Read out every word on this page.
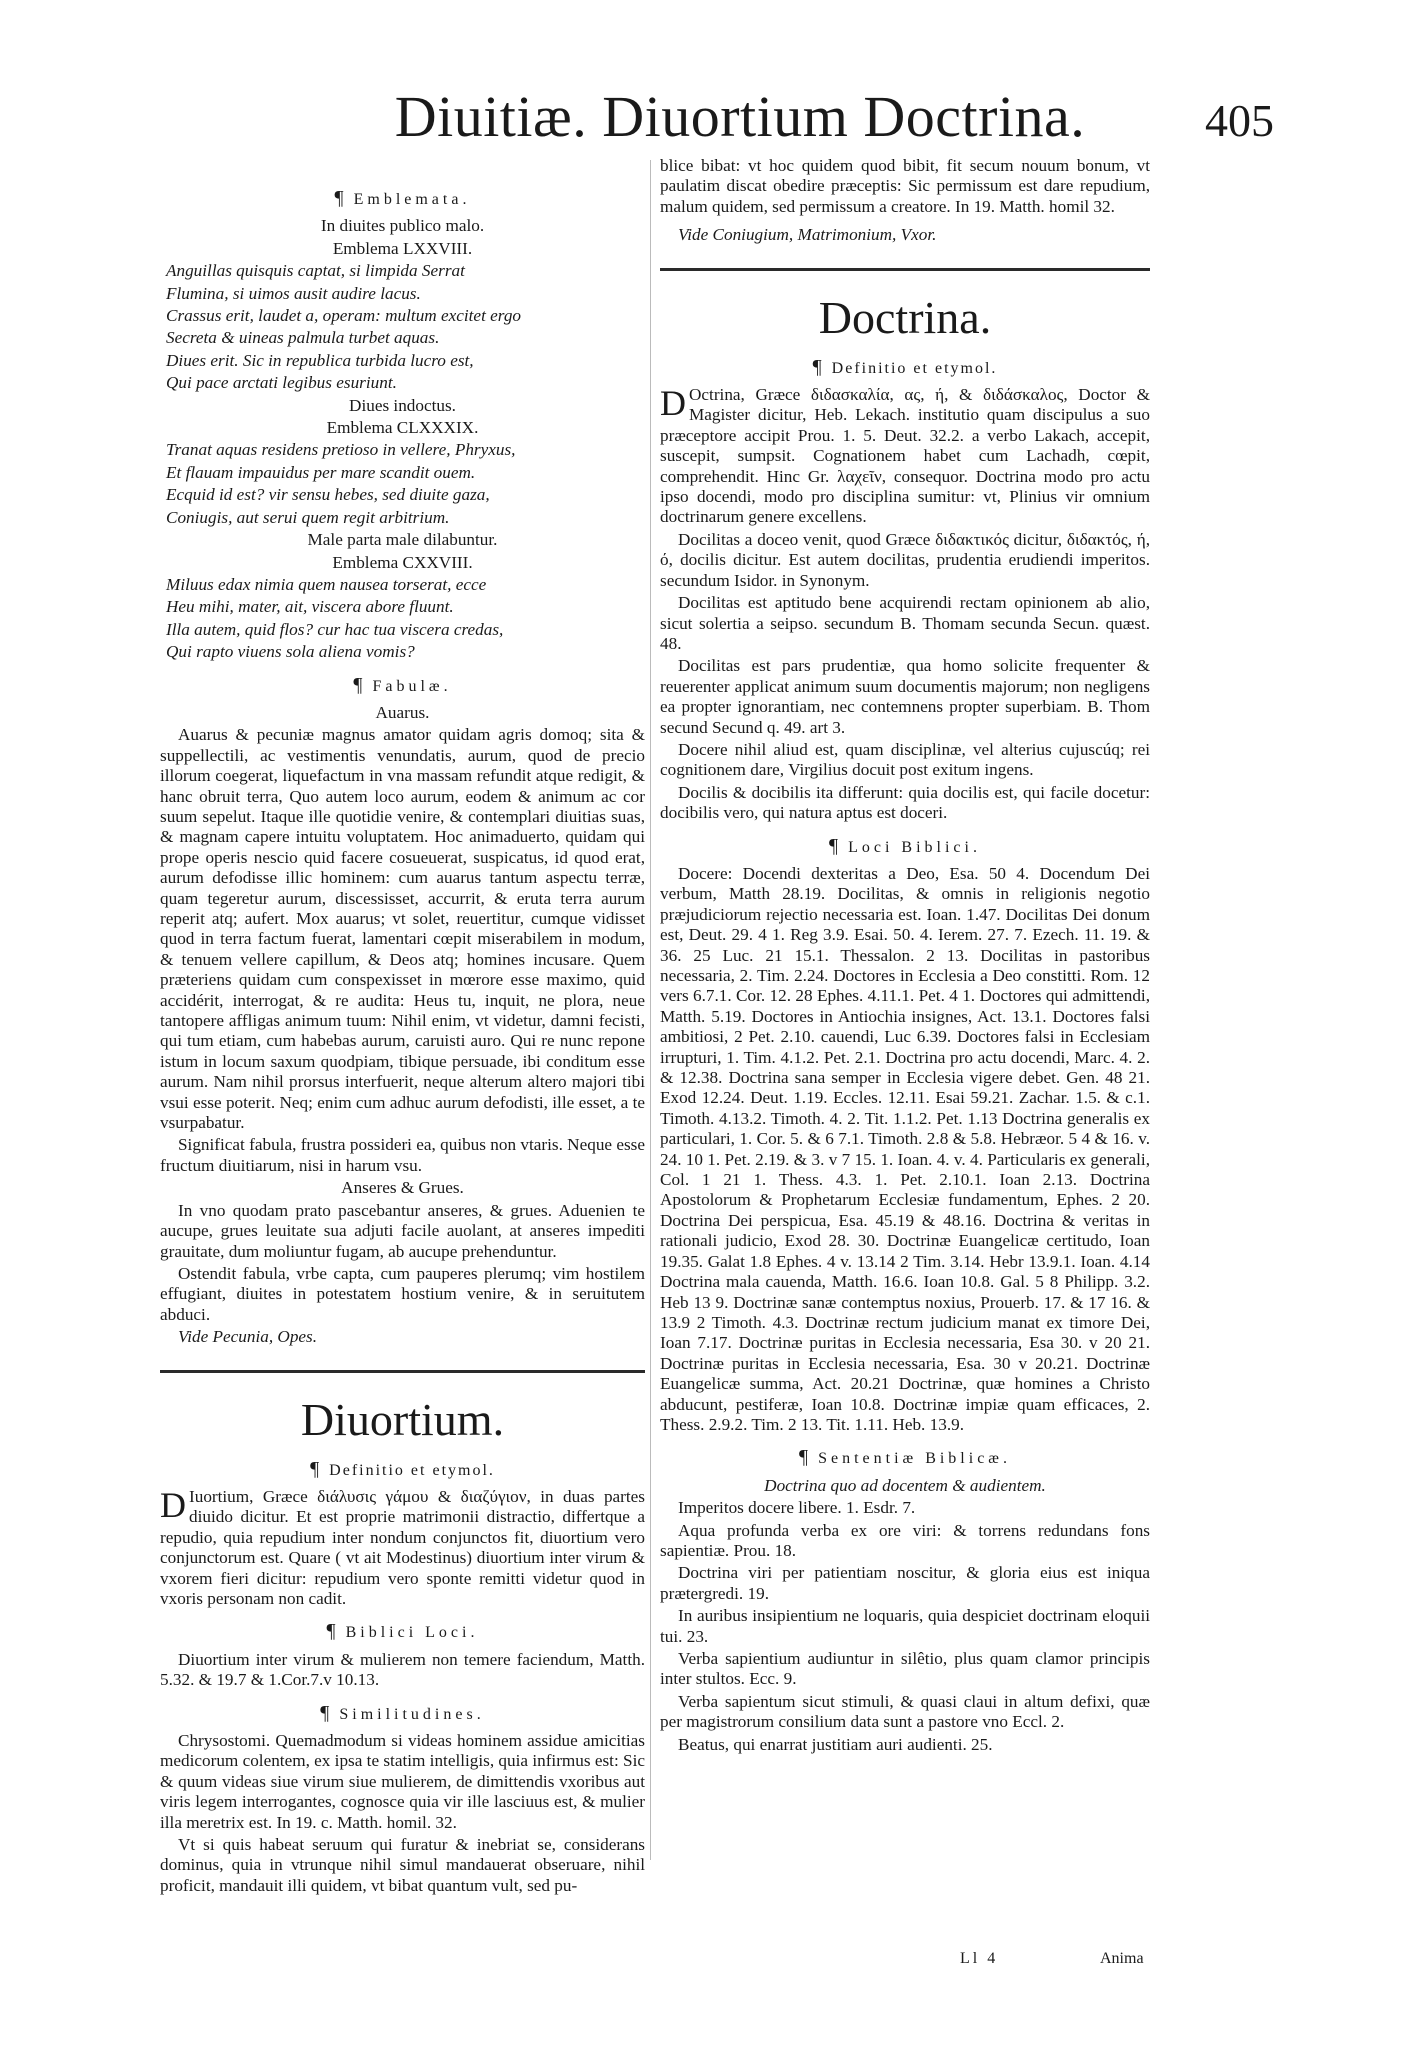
Diuitiæ. Diuortium Doctrina.	405
¶ Emblemata.

In diuites publico malo.

Emblema LXXVIII.

Anguillas quisquis captat, si limpida Serrat

Flumina, si uimos ausit audire lacus.

Crassus erit, laudet a, operam: multum excitet ergo

Secreta & uineas palmula turbet aquas.

Diues erit. Sic in republica turbida lucro est,

Qui pace arctati legibus esuriunt.

Diues indoctus.

Emblema CLXXXIX.

Tranat aquas residens pretioso in vellere, Phryxus,

Et flauam impauidus per mare scandit ouem.

Ecquid id est? vir sensu hebes, sed diuite gaza,

Coniugis, aut serui quem regit arbitrium.

Male parta male dilabuntur.

Emblema CXXVIII.

Miluus edax nimia quem nausea torserat, ecce

Heu mihi, mater, ait, viscera abore fluunt.

Illa autem, quid flos? cur hac tua viscera credas,

Qui rapto viuens sola aliena vomis?

¶ Fabulæ.

Auarus.

Auarus & pecuniæ magnus amator quidam agris domoq; sita & suppellectili, ac vestimentis venundatis, aurum, quod de precio illorum coegerat, liquefactum in vna massam refundit atque redigit, & hanc obruit terra, Quo autem loco aurum, eodem & animum ac cor suum sepelut. Itaque ille quotidie venire, & contemplari diuitias suas, & magnam capere intuitu voluptatem. Hoc animaduerto, quidam qui prope operis nescio quid facere cosueuerat, suspicatus, id quod erat, aurum defodisse illic hominem: cum auarus tantum aspectu terræ, quam tegeretur aurum, discessisset, accurrit, & eruta terra aurum reperit atq; aufert. Mox auarus; vt solet, reuertitur, cumque vidisset quod in terra factum fuerat, lamentari cœpit miserabilem in modum, & tenuem vellere capillum, & Deos atq; homines incusare. Quem præteriens quidam cum conspexisset in mœrore esse maximo, quid accidérit, interrogat, & re audita: Heus tu, inquit, ne plora, neue tantopere affligas animum tuum: Nihil enim, vt videtur, damni fecisti, qui tum etiam, cum habebas aurum, caruisti auro. Qui re nunc repone istum in locum saxum quodpiam, tibique persuade, ibi conditum esse aurum. Nam nihil prorsus interfuerit, neque alterum altero majori tibi vsui esse poterit. Neq; enim cum adhuc aurum defodisti, ille esset, a te vsurpabatur.

Significat fabula, frustra possideri ea, quibus non vtaris. Neque esse fructum diuitiarum, nisi in harum vsu.

Anseres & Grues.

In vno quodam prato pascebantur anseres, & grues. Aduenien te aucupe, grues leuitate sua adjuti facile auolant, at anseres impediti grauitate, dum moliuntur fugam, ab aucupe prehenduntur.

Ostendit fabula, vrbe capta, cum pauperes plerumq; vim hostilem effugiant, diuites in potestatem hostium venire, & in seruitutem abduci.

Vide Pecunia, Opes.

Diuortium.
¶ Definitio et etymol.

D Iuortium, Græce διάλυσις γάμου & διαζύγιον, in duas partes diuido dicitur. Et est proprie matrimonii distractio, differtque a repudio, quia repudium inter nondum conjunctos fit, diuortium vero conjunctorum est. Quare ( vt ait Modestinus) diuortium inter virum & vxorem fieri dicitur: repudium vero sponte remitti videtur quod in vxoris personam non cadit.

¶ Biblici Loci.

Diuortium inter virum & mulierem non temere faciendum, Matth. 5.32. & 19.7 & 1.Cor.7.v 10.13.

¶ Similitudines.

Chrysostomi. Quemadmodum si videas hominem assidue amicitias medicorum colentem, ex ipsa te statim intelligis, quia infirmus est: Sic & quum videas siue virum siue mulierem, de dimittendis vxoribus aut viris legem interrogantes, cognosce quia vir ille lasciuus est, & mulier illa meretrix est. In 19. c. Matth. homil. 32.

Vt si quis habeat seruum qui furatur & inebriat se, considerans dominus, quia in vtrunque nihil simul mandauerat obseruare, nihil proficit, mandauit illi quidem, vt bibat quantum vult, sed pu-

blice bibat: vt hoc quidem quod bibit, fit secum nouum bonum, vt paulatim discat obedire præceptis: Sic permissum est dare repudium, malum quidem, sed permissum a creatore. In 19. Matth. homil 32.

Vide Coniugium, Matrimonium, Vxor.

Doctrina.
¶ Definitio et etymol.

D Octrina, Græce διδασκαλία, ας, ή, & διδάσκαλος, Doctor & Magister dicitur, Heb. Lekach. institutio quam discipulus a suo præceptore accipit Prou. 1. 5. Deut. 32.2. a verbo Lakach, accepit, suscepit, sumpsit. Cognationem habet cum Lachadh, cœpit, comprehendit. Hinc Gr. λαχεῖν, consequor. Doctrina modo pro actu ipso docendi, modo pro disciplina sumitur: vt, Plinius vir omnium doctrinarum genere excellens.

Docilitas a doceo venit, quod Græce διδακτικός dicitur, διδακτός, ή, ό, docilis dicitur. Est autem docilitas, prudentia erudiendi imperitos. secundum Isidor. in Synonym.

Docilitas est aptitudo bene acquirendi rectam opinionem ab alio, sicut solertia a seipso. secundum B. Thomam secunda Secun. quæst. 48.

Docilitas est pars prudentiæ, qua homo solicite frequenter & reuerenter applicat animum suum documentis majorum; non negligens ea propter ignorantiam, nec contemnens propter superbiam. B. Thom secund Secund q. 49. art 3.

Docere nihil aliud est, quam disciplinæ, vel alterius cujuscúq; rei cognitionem dare, Virgilius docuit post exitum ingens.

Docilis & docibilis ita differunt: quia docilis est, qui facile docetur: docibilis vero, qui natura aptus est doceri.

¶ Loci Biblici.

Docere: Docendi dexteritas a Deo, Esa. 50 4. Docendum Dei verbum, Matth 28.19. Docilitas, & omnis in religionis negotio præjudiciorum rejectio necessaria est. Ioan. 1.47. Docilitas Dei donum est, Deut. 29. 4 1. Reg 3.9. Esai. 50. 4. Ierem. 27. 7. Ezech. 11. 19. & 36. 25 Luc. 21 15.1. Thessalon. 2 13. Docilitas in pastoribus necessaria, 2. Tim. 2.24. Doctores in Ecclesia a Deo constitti. Rom. 12 vers 6.7.1. Cor. 12. 28 Ephes. 4.11.1. Pet. 4 1. Doctores qui admittendi, Matth. 5.19. Doctores in Antiochia insignes, Act. 13.1. Doctores falsi ambitiosi, 2 Pet. 2.10. cauendi, Luc 6.39. Doctores falsi in Ecclesiam irrupturi, 1. Tim. 4.1.2. Pet. 2.1. Doctrina pro actu docendi, Marc. 4. 2. & 12.38. Doctrina sana semper in Ecclesia vigere debet. Gen. 48 21. Exod 12.24. Deut. 1.19. Eccles. 12.11. Esai 59.21. Zachar. 1.5. & c.1. Timoth. 4.13.2. Timoth. 4. 2. Tit. 1.1.2. Pet. 1.13 Doctrina generalis ex particulari, 1. Cor. 5. & 6 7.1. Timoth. 2.8 & 5.8. Hebræor. 5 4 & 16. v. 24. 10 1. Pet. 2.19. & 3. v 7 15. 1. Ioan. 4. v. 4. Particularis ex generali, Col. 1 21 1. Thess. 4.3. 1. Pet. 2.10.1. Ioan 2.13. Doctrina Apostolorum & Prophetarum Ecclesiæ fundamentum, Ephes. 2 20. Doctrina Dei perspicua, Esa. 45.19 & 48.16. Doctrina & veritas in rationali judicio, Exod 28. 30. Doctrinæ Euangelicæ certitudo, Ioan 19.35. Galat 1.8 Ephes. 4 v. 13.14 2 Tim. 3.14. Hebr 13.9.1. Ioan. 4.14 Doctrina mala cauenda, Matth. 16.6. Ioan 10.8. Gal. 5 8 Philipp. 3.2. Heb 13 9. Doctrinæ sanæ contemptus noxius, Prouerb. 17. & 17 16. & 13.9 2 Timoth. 4.3. Doctrinæ rectum judicium manat ex timore Dei, Ioan 7.17. Doctrinæ puritas in Ecclesia necessaria, Esa 30. v 20 21. Doctrinæ puritas in Ecclesia necessaria, Esa. 30 v 20.21. Doctrinæ Euangelicæ summa, Act. 20.21 Doctrinæ, quæ homines a Christo abducunt, pestiferæ, Ioan 10.8. Doctrinæ impiæ quam efficaces, 2. Thess. 2.9.2. Tim. 2 13. Tit. 1.11. Heb. 13.9.

¶ Sententiæ Biblicæ.

Doctrina quo ad docentem & audientem.

Imperitos docere libere. 1. Esdr. 7.

Aqua profunda verba ex ore viri: & torrens redundans fons sapientiæ. Prou. 18.

Doctrina viri per patientiam noscitur, & gloria eius est iniqua prætergredi. 19.

In auribus insipientium ne loquaris, quia despiciet doctrinam eloquii tui. 23.

Verba sapientium audiuntur in silêtio, plus quam clamor principis inter stultos. Ecc. 9.

Verba sapientum sicut stimuli, & quasi claui in altum defixi, quæ per magistrorum consilium data sunt a pastore vno Eccl. 2.

Beatus, qui enarrat justitiam auri audienti. 25.

Ll 4	Anima
